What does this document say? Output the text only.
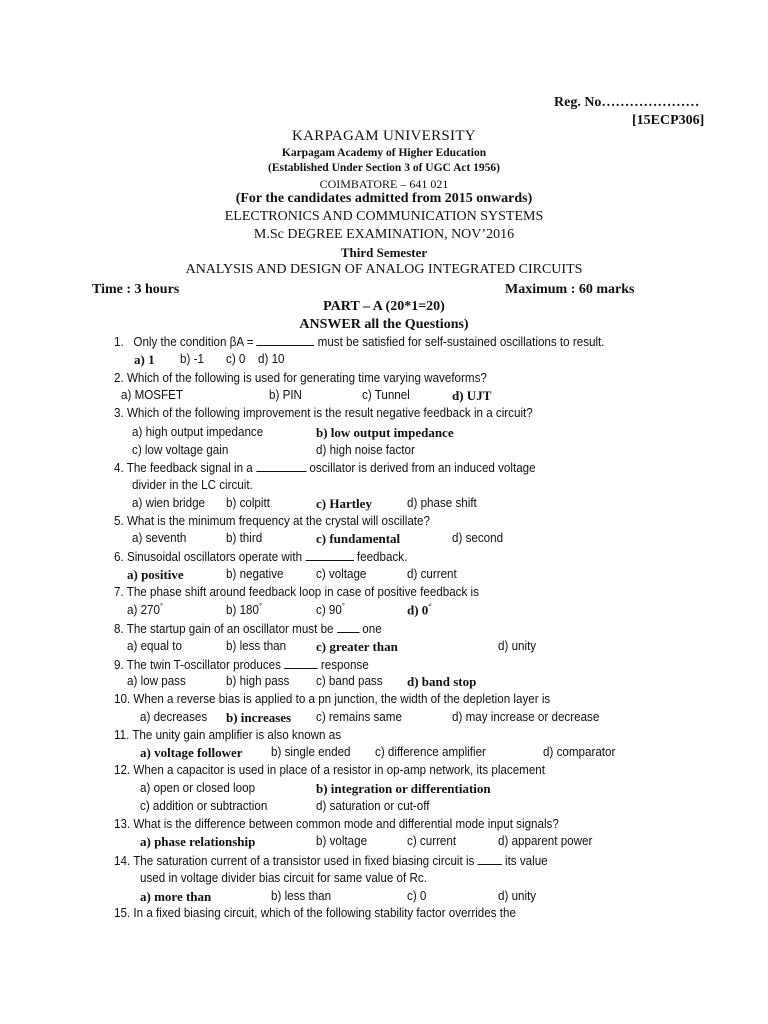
Reg. No…………………
[15ECP306]
KARPAGAM UNIVERSITY
Karpagam Academy of Higher Education
(Established Under Section 3 of UGC Act 1956)
COIMBATORE – 641 021
(For the candidates admitted from 2015 onwards)
ELECTRONICS AND COMMUNICATION SYSTEMS
M.Sc DEGREE EXAMINATION, NOV’2016
Third Semester
ANALYSIS AND DESIGN OF ANALOG INTEGRATED CIRCUITS
Time : 3 hours	Maximum : 60 marks
PART – A (20*1=20)
ANSWER all the Questions)
1. Only the condition βA =	must be satisfied for self-sustained oscillations to result.
a) 1 b) -1 c) 0 d) 10
2. Which of the following is used for generating time varying waveforms?
a) MOSFET	b) PIN	c) Tunnel	d) UJT
3. Which of the following improvement is the result negative feedback in a circuit?
a) high output impedance	b) low output impedance
c) low voltage gain	d) high noise factor
4. The feedback signal in a	oscillator is derived from an induced voltage
divider in the LC circuit.
a) wien bridge b) colpitt	c) Hartley	d) phase shift
5. What is the minimum frequency at the crystal will oscillate?
a) seventh	b) third	c) fundamental	d) second
6. Sinusoidal oscillators operate with	feedback.
a) positive	b) negative	c) voltage	d) current
7. The phase shift around feedback loop in case of positive feedback is
a) 270°	b) 180°	c) 90°	d) 0°
8. The startup gain of an oscillator must be  one
a) equal to	b) less than c) greater than	d) unity
9. The twin T-oscillator produces	response
a) low pass	b) high pass c) band pass d) band stop
10. When a reverse bias is applied to a pn junction, the width of the depletion layer is
a) decreases b) increases c) remains same	d) may increase or decrease
11. The unity gain amplifier is also known as
a) voltage follower b) single ended c) difference amplifier	d) comparator
12. When a capacitor is used in place of a resistor in op-amp network, its placement
a) open or closed loop	b) integration or differentiation
c) addition or subtraction	d) saturation or cut-off
13. What is the difference between common mode and differential mode input signals?
a) phase relationship	b) voltage	c) current	d) apparent power
14. The saturation current of a transistor used in fixed biasing circuit is  its value
used in voltage divider bias circuit for same value of Rc.
a) more than	b) less than	c) 0	d) unity
15. In a fixed biasing circuit, which of the following stability factor overrides the
